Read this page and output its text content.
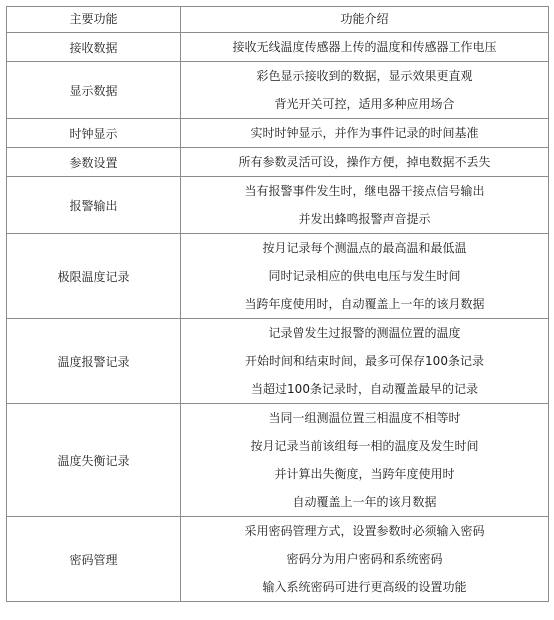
主要功能	功能介绍

接收数据	接收无线温度传感器上传的温度和传感器工作电压

显示数据	彩色显示接收到的数据，显示效果更直观
背光开关可控，适用多种应用场合

时钟显示	实时时钟显示，并作为事件记录的时间基准

参数设置	所有参数灵活可设，操作方便，掉电数据不丢失

报警输出	当有报警事件发生时，继电器干接点信号输出
并发出蜂鸣报警声音提示

极限温度记录	按月记录每个测温点的最高温和最低温
同时记录相应的供电电压与发生时间
当跨年度使用时，自动覆盖上一年的该月数据

温度报警记录	记录曾发生过报警的测温位置的温度
开始时间和结束时间，最多可保存100条记录
当超过100条记录时，自动覆盖最早的记录

温度失衡记录	当同一组测温位置三相温度不相等时
按月记录当前该组每一相的温度及发生时间
并计算出失衡度，当跨年度使用时
自动覆盖上一年的该月数据

密码管理	采用密码管理方式，设置参数时必须输入密码
密码分为用户密码和系统密码
输入系统密码可进行更高级的设置功能
